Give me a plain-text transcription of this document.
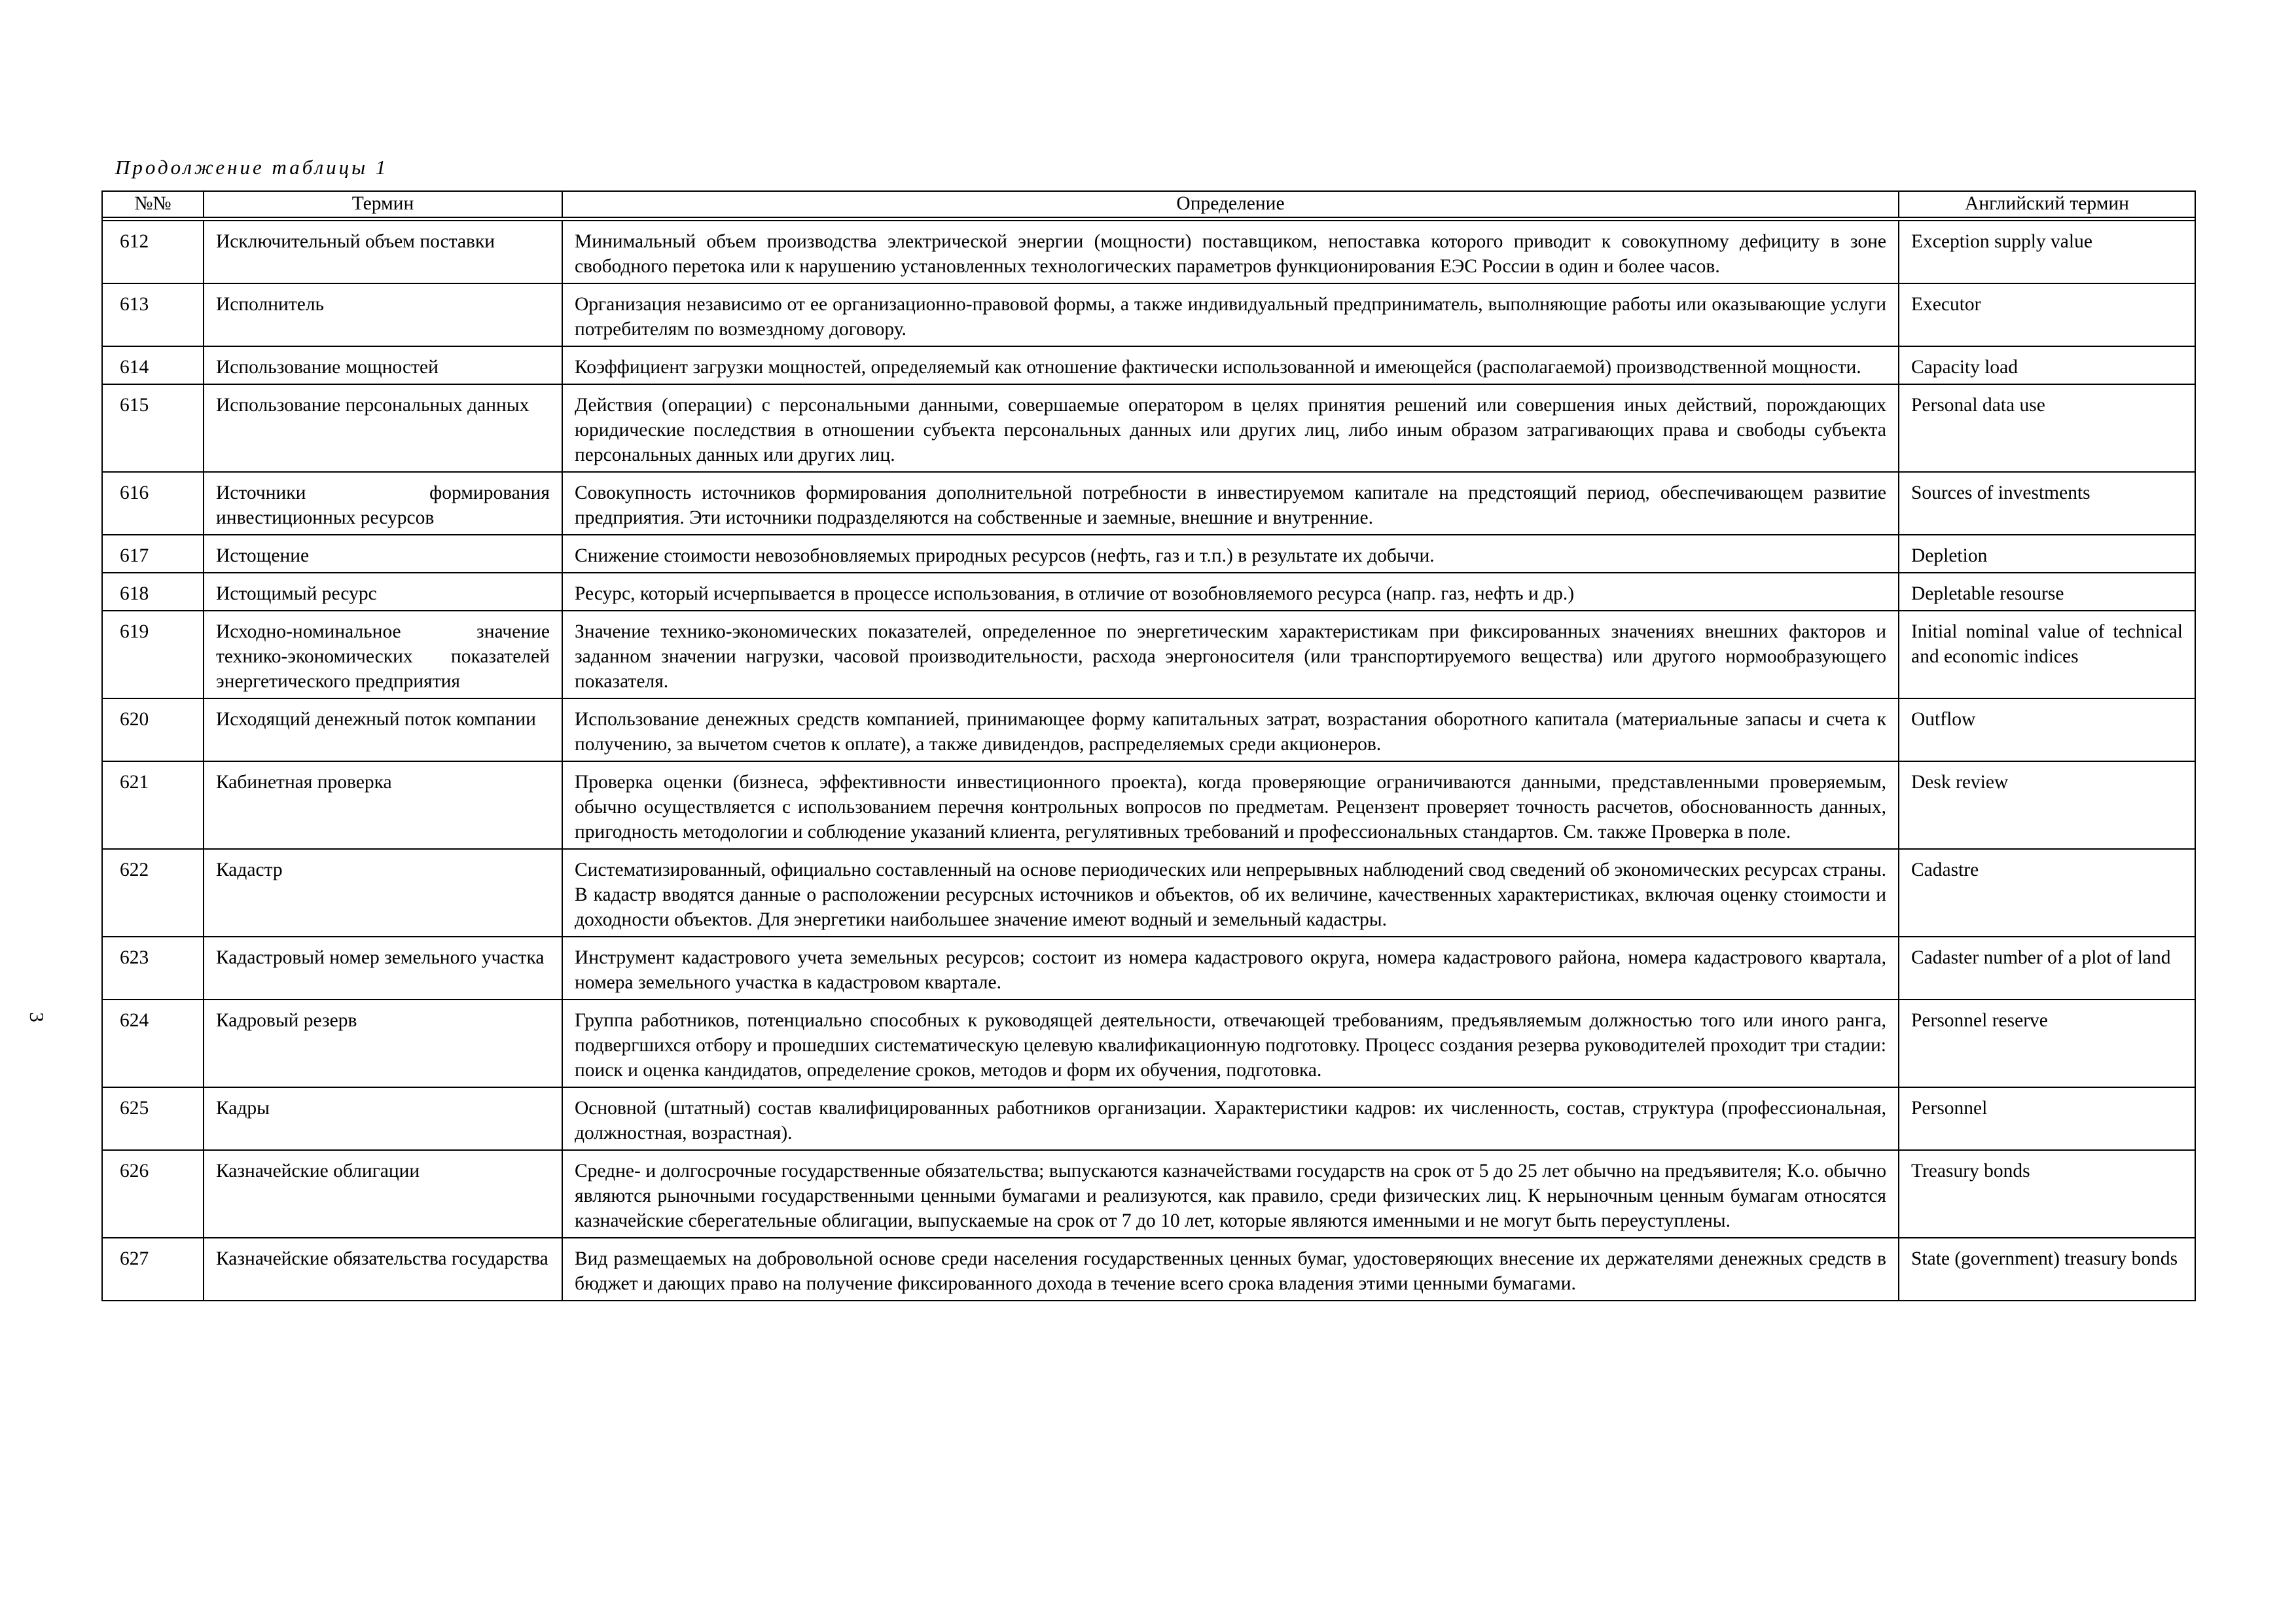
Продолжение таблицы 1
3
№№	Термин	Определение	Английский термин

612	Исключительный объем поставки	Минимальный объем производства электрической энергии (мощности) поставщиком, непоставка которого приводит к совокупному дефициту в зоне свободного перетока или к нарушению установленных технологических параметров функционирования ЕЭС России в один и более часов.	Exception supply value
613	Исполнитель	Организация независимо от ее организационно-правовой формы, а также индивидуальный предприниматель, выполняющие работы или оказывающие услуги потребителям по возмездному договору.	Executor
614	Использование мощностей	Коэффициент загрузки мощностей, определяемый как отношение фактически использованной и имеющейся (располагаемой) производственной мощности.	Capacity load
615	Использование персональных данных	Действия (операции) с персональными данными, совершаемые оператором в целях принятия решений или совершения иных действий, порождающих юридические последствия в отношении субъекта персональных данных или других лиц, либо иным образом затрагивающих права и свободы субъекта персональных данных или других лиц.	Personal data use
616	Источники формирования инвестиционных ресурсов	Совокупность источников формирования дополнительной потребности в инвестируемом капитале на предстоящий период, обеспечивающем развитие предприятия. Эти источники подразделяются на собственные и заемные, внешние и внутренние.	Sources of investments
617	Истощение	Снижение стоимости невозобновляемых природных ресурсов (нефть, газ и т.п.) в результате их добычи.	Depletion
618	Истощимый ресурс	Ресурс, который исчерпывается в процессе использования, в отличие от возобновляемого ресурса (напр. газ, нефть и др.)	Depletable resourse
619	Исходно-номинальное значение технико-экономических показателей энергетического предприятия	Значение технико-экономических показателей, определенное по энергетическим характеристикам при фиксированных значениях внешних факторов и заданном значении нагрузки, часовой производительности, расхода энергоносителя (или транспортируемого вещества) или другого нормообразующего показателя.	Initial nominal value of technical and economic indices
620	Исходящий денежный поток компании	Использование денежных средств компанией, принимающее форму капитальных затрат, возрастания оборотного капитала (материальные запасы и счета к получению, за вычетом счетов к оплате), а также дивидендов, распределяемых среди акционеров.	Outflow
621	Кабинетная проверка	Проверка оценки (бизнеса, эффективности инвестиционного проекта), когда проверяющие ограничиваются данными, представленными проверяемым, обычно осуществляется с использованием перечня контрольных вопросов по предметам. Рецензент проверяет точность расчетов, обоснованность данных, пригодность методологии и соблюдение указаний клиента, регулятивных требований и профессиональных стандартов. См. также Проверка в поле.	Desk review
622	Кадастр	Систематизированный, официально составленный на основе периодических или непрерывных наблюдений свод сведений об экономических ресурсах страны. В кадастр вводятся данные о расположении ресурсных источников и объектов, об их величине, качественных характеристиках, включая оценку стоимости и доходности объектов. Для энергетики наибольшее значение имеют водный и земельный кадастры.	Cadastre
623	Кадастровый номер земельного участка	Инструмент кадастрового учета земельных ресурсов; состоит из номера кадастрового округа, номера кадастрового района, номера кадастрового квартала, номера земельного участка в кадастровом квартале.	Cadaster number of a plot of land
624	Кадровый резерв	Группа работников, потенциально способных к руководящей деятельности, отвечающей требованиям, предъявляемым должностью того или иного ранга, подвергшихся отбору и прошедших систематическую целевую квалификационную подготовку. Процесс создания резерва руководителей проходит три стадии: поиск и оценка кандидатов, определение сроков, методов и форм их обучения, подготовка.	Personnel reserve
625	Кадры	Основной (штатный) состав квалифицированных работников организации. Характеристики кадров: их численность, состав, структура (профессиональная, должностная, возрастная).	Personnel
626	Казначейские облигации	Средне- и долгосрочные государственные обязательства; выпускаются казначействами государств на срок от 5 до 25 лет обычно на предъявителя; К.о. обычно являются рыночными государственными ценными бумагами и реализуются, как правило, среди физических лиц. К нерыночным ценным бумагам относятся казначейские сберегательные облигации, выпускаемые на срок от 7 до 10 лет, которые являются именными и не могут быть переуступлены.	Treasury bonds
627	Казначейские обязательства государства	Вид размещаемых на добровольной основе среди населения государственных ценных бумаг, удостоверяющих внесение их держателями денежных средств в бюджет и дающих право на получение фиксированного дохода в течение всего срока владения этими ценными бумагами.	State (government) treasury bonds
